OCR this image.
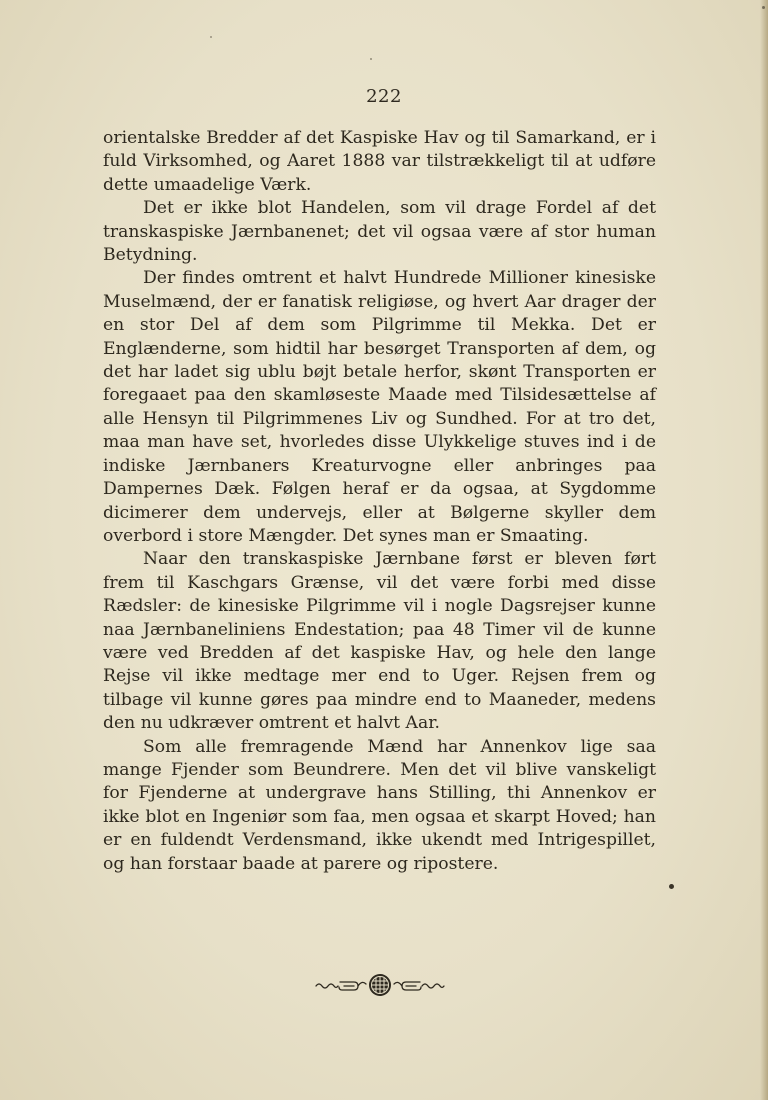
222

orientalske Bredder af det Kaspiske Hav og til Samarkand, er i fuld Virksomhed, og Aaret 1888 var tilstrækkeligt til at udføre dette umaadelige Værk.

Det er ikke blot Handelen, som vil drage Fordel af det transkaspiske Jærnbanenet; det vil ogsaa være af stor human Betydning.

Der findes omtrent et halvt Hundrede Millioner kinesiske Muselmænd, der er fanatisk religiøse, og hvert Aar drager der en stor Del af dem som Pilgrimme til Mekka. Det er Englænderne, som hidtil har besørget Transporten af dem, og det har ladet sig ublu bøjt betale herfor, skønt Transporten er foregaaet paa den skamløseste Maade med Tilsidesættelse af alle Hensyn til Pilgrimmenes Liv og Sundhed. For at tro det, maa man have set, hvorledes disse Ulykkelige stuves ind i de indiske Jærnbaners Kreaturvogne eller anbringes paa Dampernes Dæk. Følgen heraf er da ogsaa, at Sygdomme dicimerer dem undervejs, eller at Bølgerne skyller dem overbord i store Mængder. Det synes man er Smaating.

Naar den transkaspiske Jærnbane først er bleven ført frem til Kaschgars Grænse, vil det være forbi med disse Rædsler: de kinesiske Pilgrimme vil i nogle Dagsrejser kunne naa Jærnbaneliniens Endestation; paa 48 Timer vil de kunne være ved Bredden af det kaspiske Hav, og hele den lange Rejse vil ikke medtage mer end to Uger. Rejsen frem og tilbage vil kunne gøres paa mindre end to Maaneder, medens den nu udkræver omtrent et halvt Aar.

Som alle fremragende Mænd har Annenkov lige saa mange Fjender som Beundrere. Men det vil blive vanskeligt for Fjenderne at undergrave hans Stilling, thi Annenkov er ikke blot en Ingeniør som faa, men ogsaa et skarpt Hoved; han er en fuldendt Verdensmand, ikke ukendt med Intrigespillet, og han forstaar baade at parere og ripostere.
